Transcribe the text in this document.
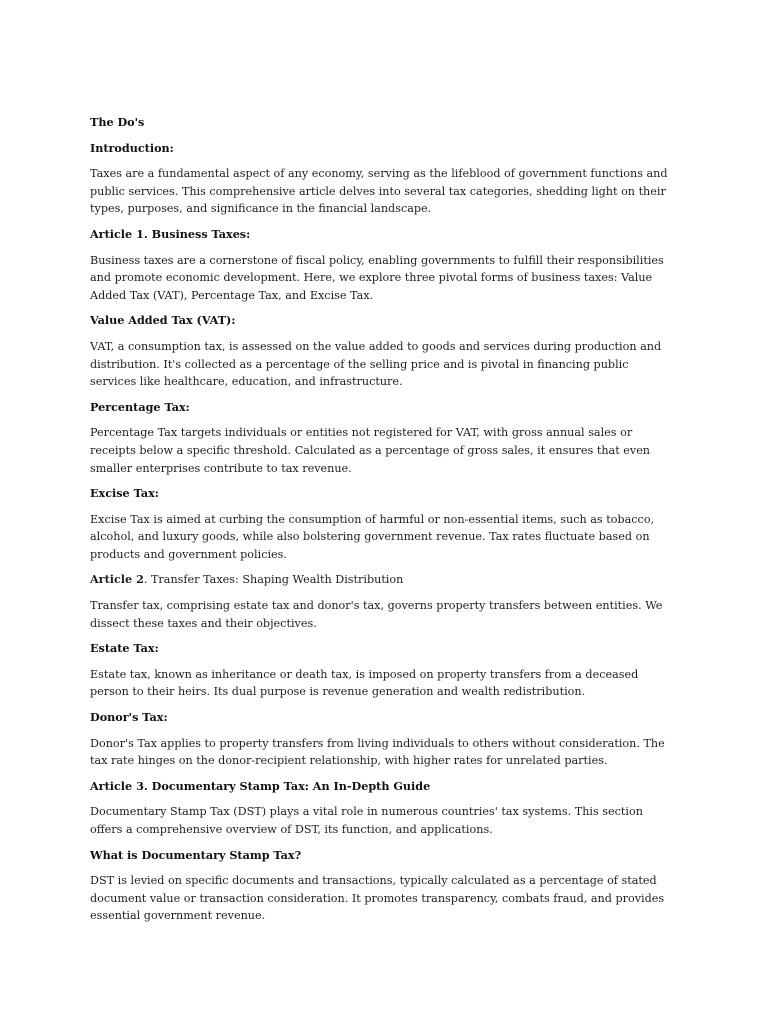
The Do's

Introduction:

Taxes are a fundamental aspect of any economy, serving as the lifeblood of government functions and public services. This comprehensive article delves into several tax categories, shedding light on their types, purposes, and significance in the financial landscape.

Article 1. Business Taxes:

Business taxes are a cornerstone of fiscal policy, enabling governments to fulfill their responsibilities and promote economic development. Here, we explore three pivotal forms of business taxes: Value Added Tax (VAT), Percentage Tax, and Excise Tax.

Value Added Tax (VAT):

VAT, a consumption tax, is assessed on the value added to goods and services during production and distribution. It's collected as a percentage of the selling price and is pivotal in financing public services like healthcare, education, and infrastructure.

Percentage Tax:

Percentage Tax targets individuals or entities not registered for VAT, with gross annual sales or receipts below a specific threshold. Calculated as a percentage of gross sales, it ensures that even smaller enterprises contribute to tax revenue.

Excise Tax:

Excise Tax is aimed at curbing the consumption of harmful or non-essential items, such as tobacco, alcohol, and luxury goods, while also bolstering government revenue. Tax rates fluctuate based on products and government policies.

Article 2. Transfer Taxes: Shaping Wealth Distribution

Transfer tax, comprising estate tax and donor's tax, governs property transfers between entities. We dissect these taxes and their objectives.

Estate Tax:

Estate tax, known as inheritance or death tax, is imposed on property transfers from a deceased person to their heirs. Its dual purpose is revenue generation and wealth redistribution.

Donor's Tax:

Donor's Tax applies to property transfers from living individuals to others without consideration. The tax rate hinges on the donor-recipient relationship, with higher rates for unrelated parties.

Article 3. Documentary Stamp Tax: An In-Depth Guide

Documentary Stamp Tax (DST) plays a vital role in numerous countries' tax systems. This section offers a comprehensive overview of DST, its function, and applications.

What is Documentary Stamp Tax?

DST is levied on specific documents and transactions, typically calculated as a percentage of stated document value or transaction consideration. It promotes transparency, combats fraud, and provides essential government revenue.
